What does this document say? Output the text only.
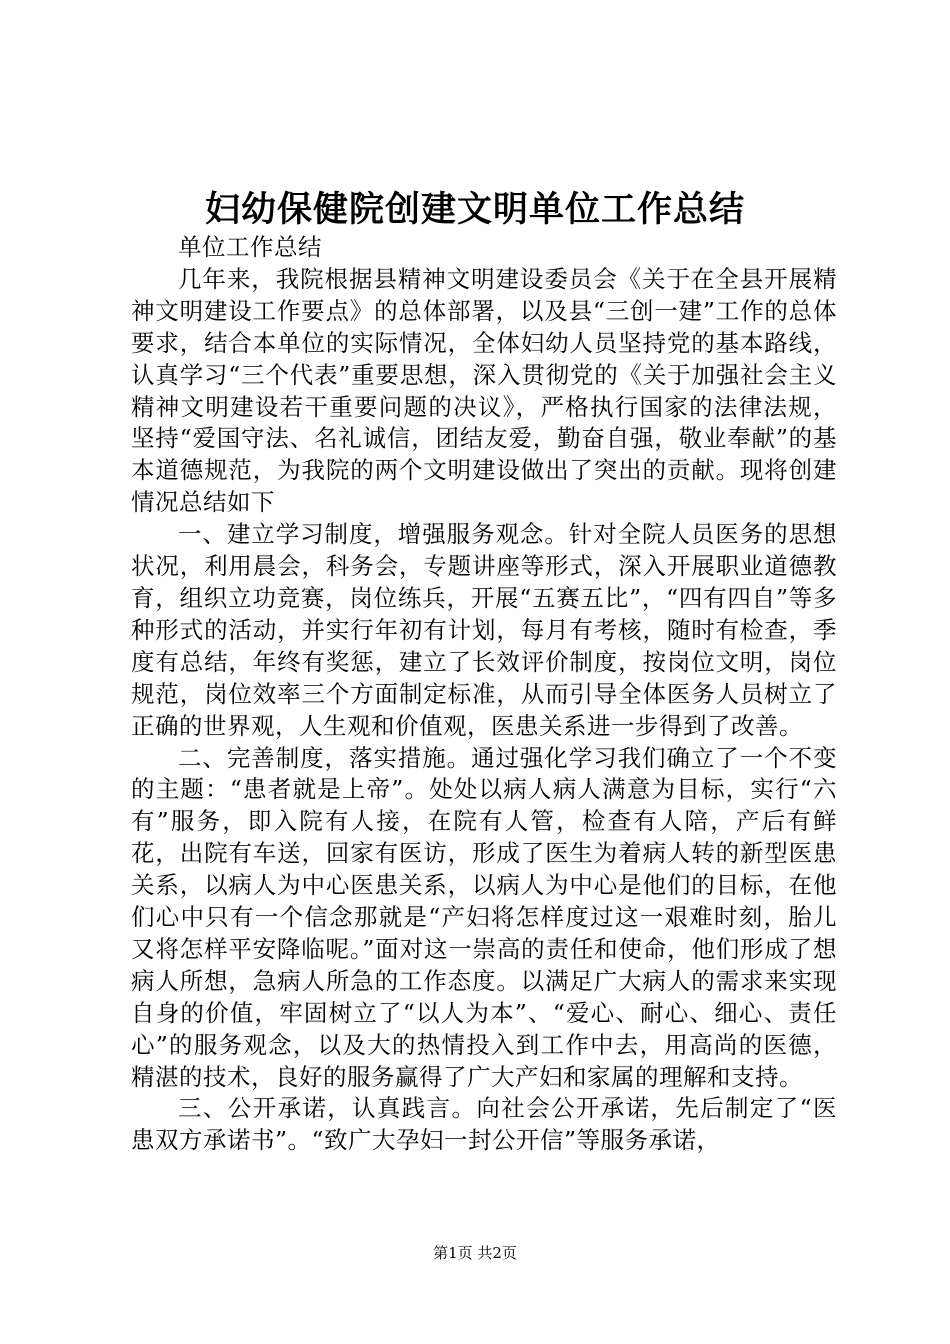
妇幼保健院创建文明单位工作总结

单位工作总结

几年来，我院根据县精神文明建设委员会《关于在全县开展精神文明建设工作要点》的总体部署，以及县“三创一建”工作的总体要求，结合本单位的实际情况，全体妇幼人员坚持党的基本路线，认真学习“三个代表”重要思想，深入贯彻党的《关于加强社会主义精神文明建设若干重要问题的决议》，严格执行国家的法律法规，坚持“爱国守法、名礼诚信，团结友爱，勤奋自强，敬业奉献”的基本道德规范，为我院的两个文明建设做出了突出的贡献。现将创建情况总结如下

一、建立学习制度，增强服务观念。针对全院人员医务的思想状况，利用晨会，科务会，专题讲座等形式，深入开展职业道德教育，组织立功竞赛，岗位练兵，开展“五赛五比”，“四有四自”等多种形式的活动，并实行年初有计划，每月有考核，随时有检查，季度有总结，年终有奖惩，建立了长效评价制度，按岗位文明，岗位规范，岗位效率三个方面制定标准，从而引导全体医务人员树立了正确的世界观，人生观和价值观，医患关系进一步得到了改善。

二、完善制度，落实措施。通过强化学习我们确立了一个不变的主题：“患者就是上帝”。处处以病人病人满意为目标，实行“六有”服务，即入院有人接，在院有人管，检查有人陪，产后有鲜花，出院有车送，回家有医访，形成了医生为着病人转的新型医患关系，以病人为中心医患关系，以病人为中心是他们的目标，在他们心中只有一个信念那就是“产妇将怎样度过这一艰难时刻，胎儿又将怎样平安降临呢。”面对这一崇高的责任和使命，他们形成了想病人所想，急病人所急的工作态度。以满足广大病人的需求来实现自身的价值，牢固树立了“以人为本”、“爱心、耐心、细心、责任心”的服务观念，以及大的热情投入到工作中去，用高尚的医德，精湛的技术，良好的服务赢得了广大产妇和家属的理解和支持。

三、公开承诺，认真践言。向社会公开承诺，先后制定了“医患双方承诺书”。“致广大孕妇一封公开信”等服务承诺，

第1页 共2页
